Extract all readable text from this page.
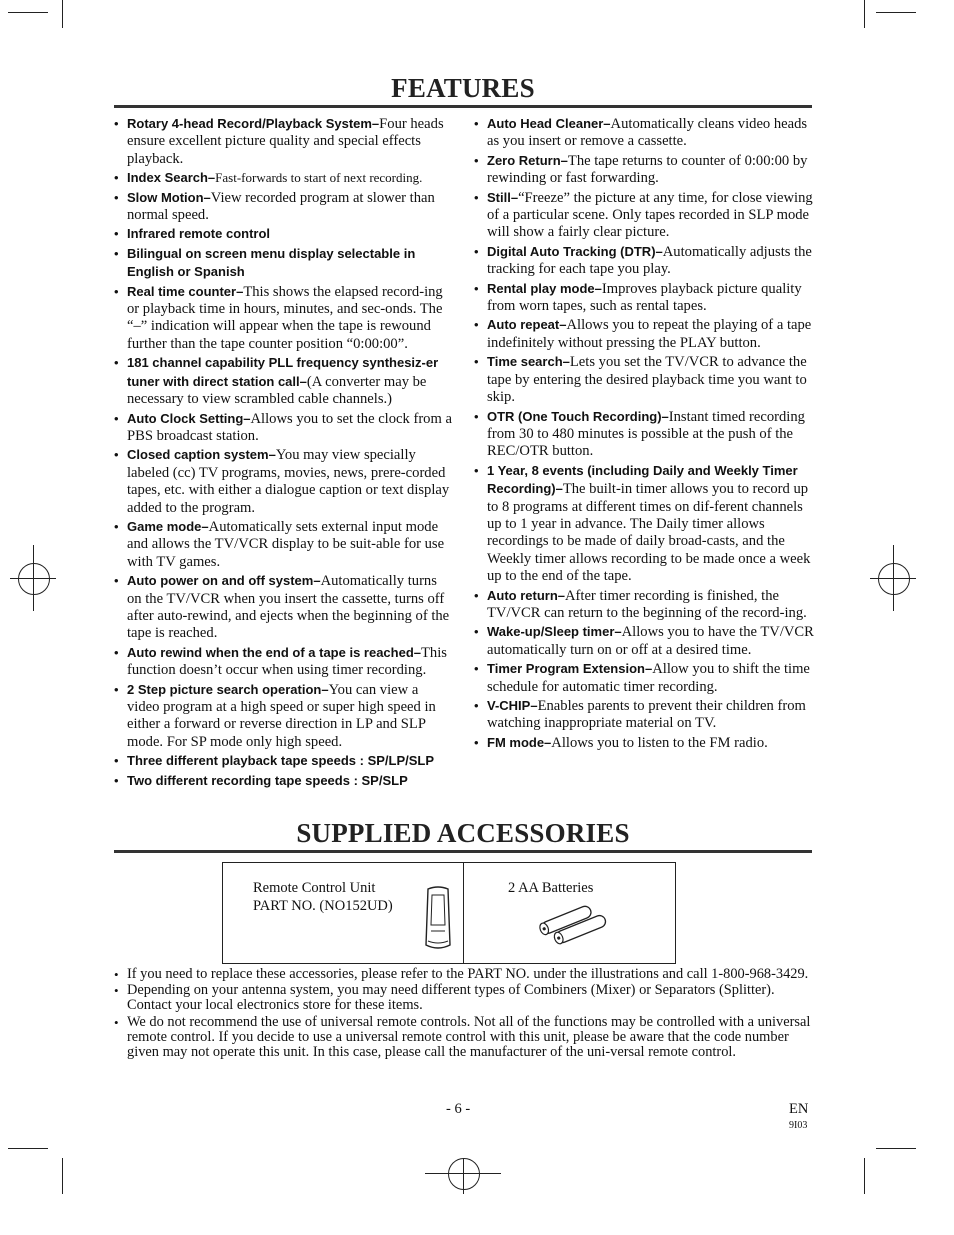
FEATURES
• Rotary 4-head Record/Playback System–Four heads ensure excellent picture quality and special effects playback.
• Index Search–Fast-forwards to start of next recording.
• Slow Motion–View recorded program at slower than normal speed.
• Infrared remote control
• Bilingual on screen menu display selectable in English or Spanish
• Real time counter–This shows the elapsed record-ing or playback time in hours, minutes, and sec-onds. The “–” indication will appear when the tape is rewound further than the tape counter position “0:00:00”.
• 181 channel capability PLL frequency synthesiz-er tuner with direct station call–(A converter may be necessary to view scrambled cable channels.)
• Auto Clock Setting–Allows you to set the clock from a PBS broadcast station.
• Closed caption system–You may view specially labeled (cc) TV programs, movies, news, prere-corded tapes, etc. with either a dialogue caption or text display added to the program.
• Game mode–Automatically sets external input mode and allows the TV/VCR display to be suit-able for use with TV games.
• Auto power on and off system–Automatically turns on the TV/VCR when you insert the cassette, turns off after auto-rewind, and ejects when the beginning of the tape is reached.
• Auto rewind when the end of a tape is reached–This function doesn’t occur when using timer recording.
• 2 Step picture search operation–You can view a video program at a high speed or super high speed in either a forward or reverse direction in LP and SLP mode. For SP mode only high speed.
• Three different playback tape speeds : SP/LP/SLP
• Two different recording tape speeds : SP/SLP
• Auto Head Cleaner–Automatically cleans video heads as you insert or remove a cassette.
• Zero Return–The tape returns to counter of 0:00:00 by rewinding or fast forwarding.
• Still–“Freeze” the picture at any time, for close viewing of a particular scene. Only tapes recorded in SLP mode will show a fairly clear picture.
• Digital Auto Tracking (DTR)–Automatically adjusts the tracking for each tape you play.
• Rental play mode–Improves playback picture quality from worn tapes, such as rental tapes.
• Auto repeat–Allows you to repeat the playing of a tape indefinitely without pressing the PLAY button.
• Time search–Lets you set the TV/VCR to advance the tape by entering the desired playback time you want to skip.
• OTR (One Touch Recording)–Instant timed recording from 30 to 480 minutes is possible at the push of the REC/OTR button.
• 1 Year, 8 events (including Daily and Weekly Timer Recording)–The built-in timer allows you to record up to 8 programs at different times on dif-ferent channels up to 1 year in advance. The Daily timer allows recordings to be made of daily broad-casts, and the Weekly timer allows recording to be made once a week up to the end of the tape.
• Auto return–After timer recording is finished, the TV/VCR can return to the beginning of the record-ing.
• Wake-up/Sleep timer–Allows you to have the TV/VCR automatically turn on or off at a desired time.
• Timer Program Extension–Allow you to shift the time schedule for automatic timer recording.
• V-CHIP–Enables parents to prevent their children from watching inappropriate material on TV.
• FM mode–Allows you to listen to the FM radio.
SUPPLIED ACCESSORIES
Remote Control Unit
PART NO. (NO152UD)
2 AA Batteries
• If you need to replace these accessories, please refer to the PART NO. under the illustrations and call 1-800-968-3429.
• Depending on your antenna system, you may need different types of Combiners (Mixer) or Separators (Splitter). Contact your local electronics store for these items.
• We do not recommend the use of universal remote controls. Not all of the functions may be controlled with a universal remote control. If you decide to use a universal remote control with this unit, please be aware that the code number given may not operate this unit. In this case, please call the manufacturer of the uni-versal remote control.
- 6 -	EN
9I03
